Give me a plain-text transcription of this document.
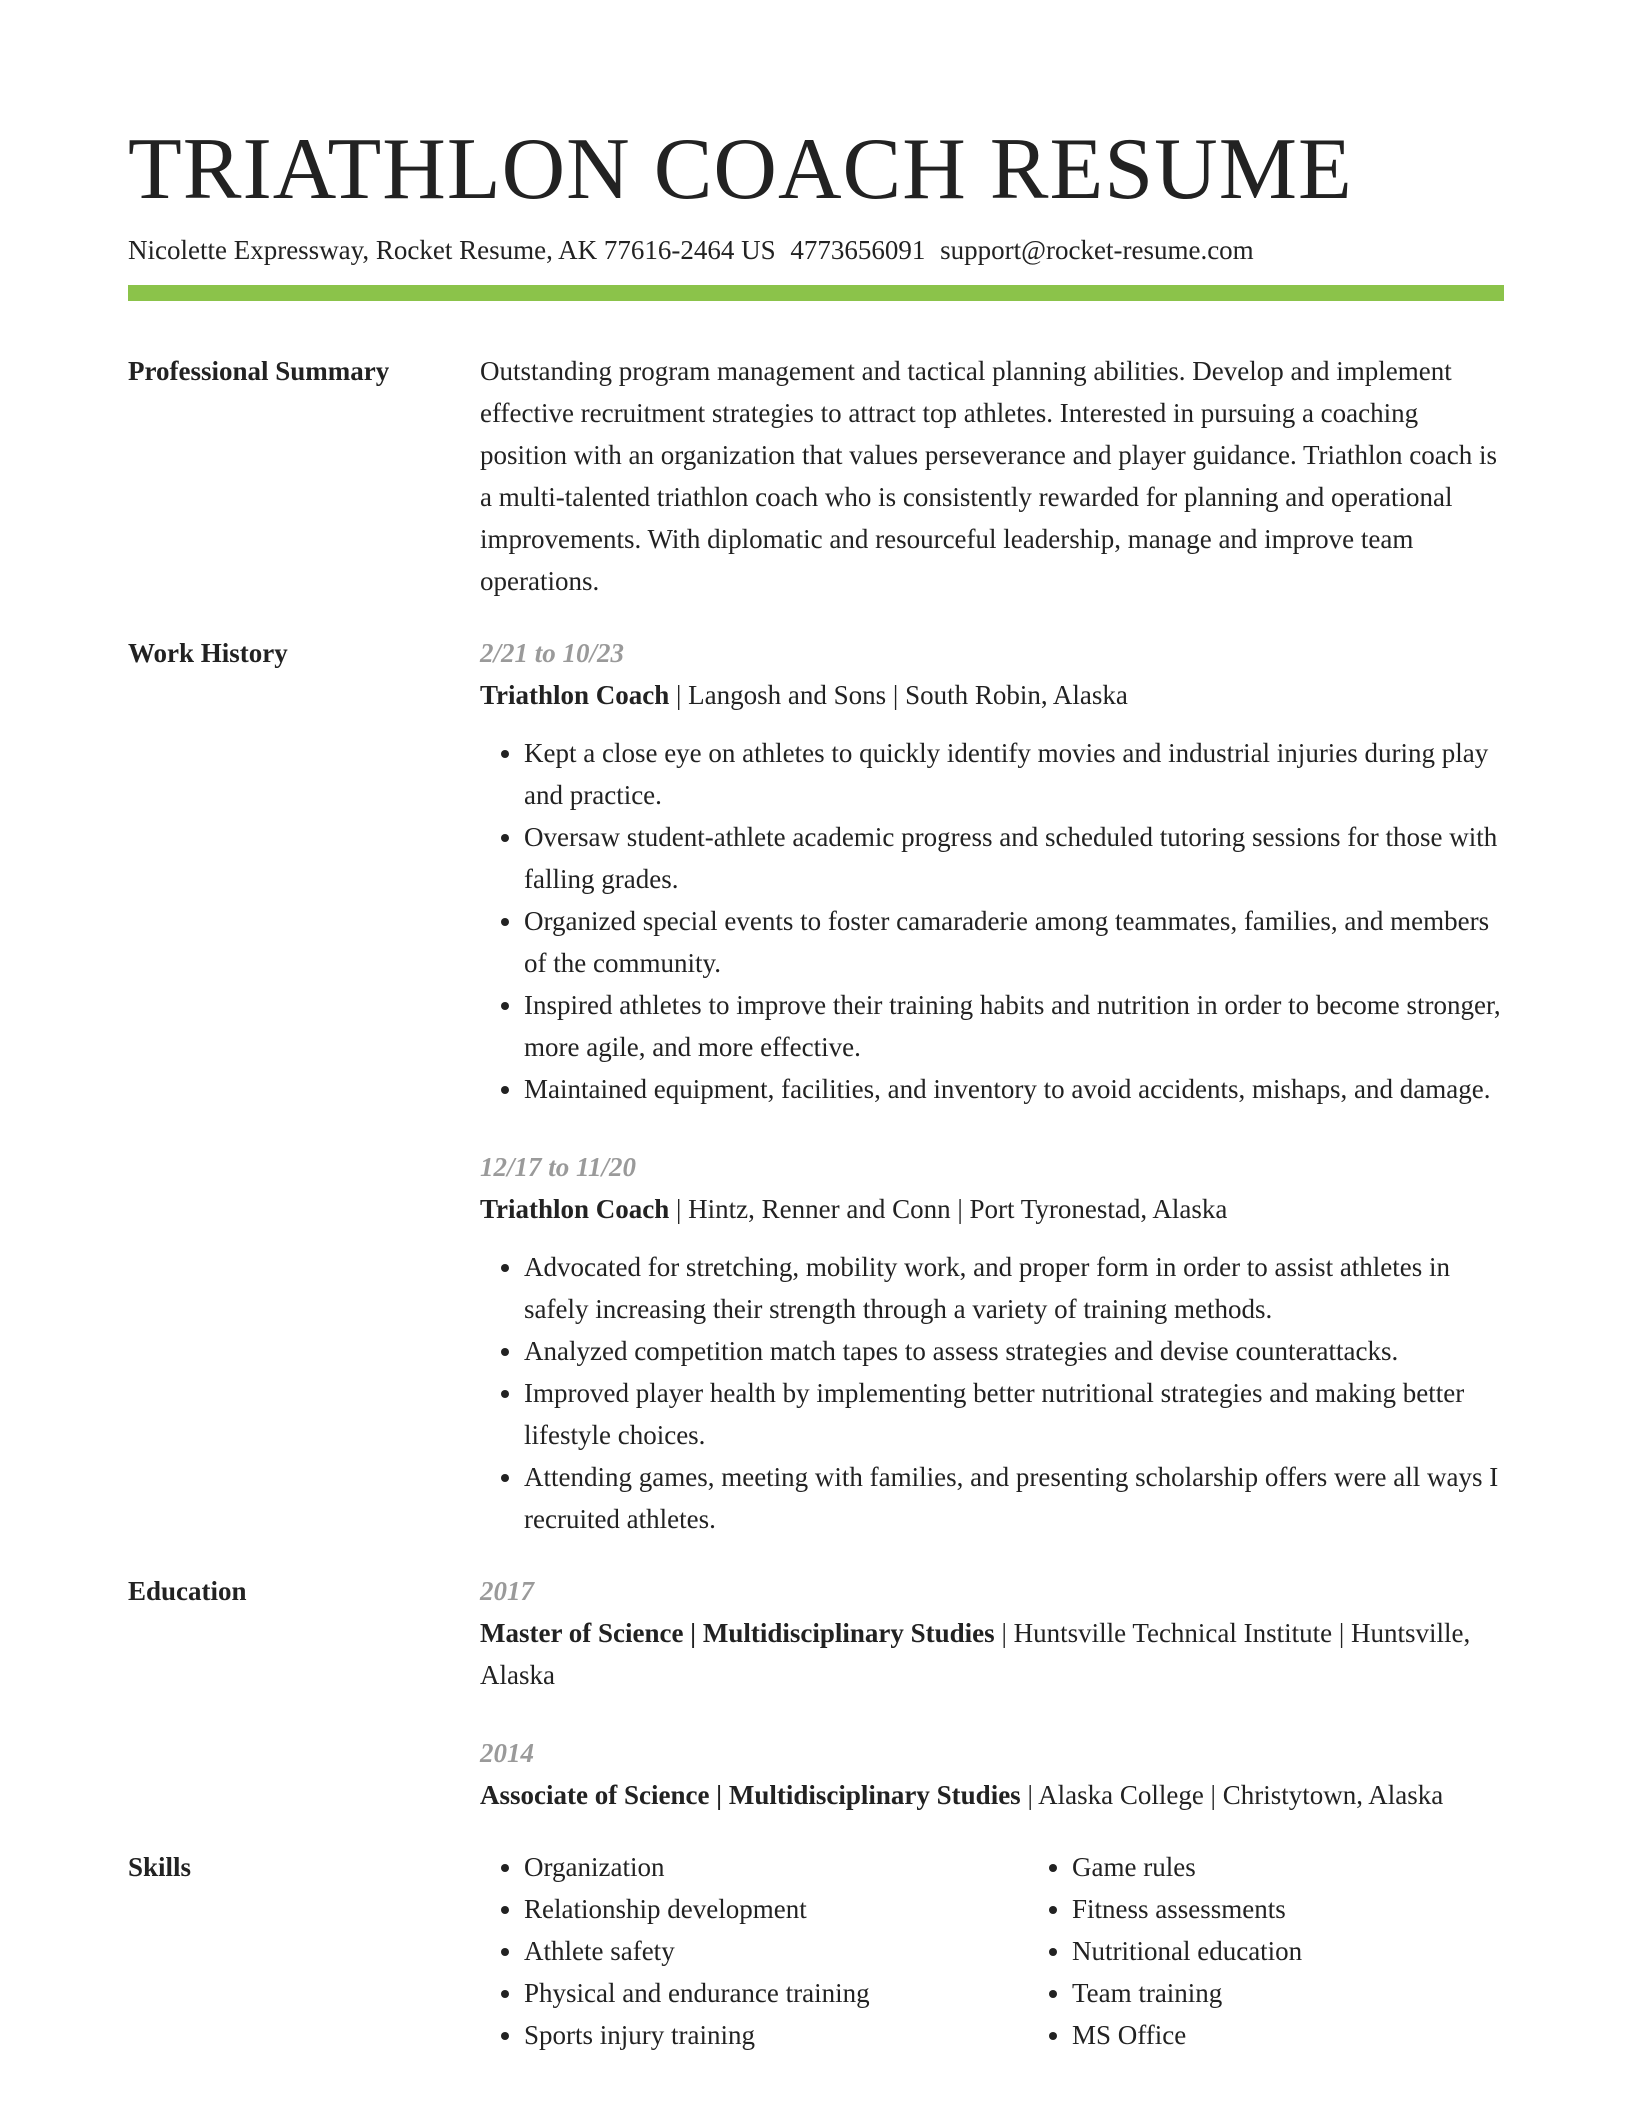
TRIATHLON COACH RESUME
Nicolette Expressway, Rocket Resume, AK 77616-2464 US 4773656091 support@rocket-resume.com
Professional Summary	Outstanding program management and tactical planning abilities. Develop and implement effective recruitment strategies to attract top athletes. Interested in pursuing a coaching position with an organization that values perseverance and player guidance. Triathlon coach is a multi-talented triathlon coach who is consistently rewarded for planning and operational improvements. With diplomatic and resourceful leadership, manage and improve team operations.

Work History	2/21 to 10/23
Triathlon Coach | Langosh and Sons | South Robin, Alaska
• Kept a close eye on athletes to quickly identify movies and industrial injuries during play and practice.
• Oversaw student-athlete academic progress and scheduled tutoring sessions for those with falling grades.
• Organized special events to foster camaraderie among teammates, families, and members of the community.
• Inspired athletes to improve their training habits and nutrition in order to become stronger, more agile, and more effective.
• Maintained equipment, facilities, and inventory to avoid accidents, mishaps, and damage.
12/17 to 11/20
Triathlon Coach | Hintz, Renner and Conn | Port Tyronestad, Alaska
• Advocated for stretching, mobility work, and proper form in order to assist athletes in safely increasing their strength through a variety of training methods.
• Analyzed competition match tapes to assess strategies and devise counterattacks.
• Improved player health by implementing better nutritional strategies and making better lifestyle choices.
• Attending games, meeting with families, and presenting scholarship offers were all ways I recruited athletes.
Education	2017
Master of Science | Multidisciplinary Studies | Huntsville Technical Institute | Huntsville, Alaska
2014
Associate of Science | Multidisciplinary Studies | Alaska College | Christytown, Alaska
Skills
•	Organization
• Relationship development
• Athlete safety
• Physical and endurance training
• Sports injury training
• Game rules
• Fitness assessments
• Nutritional education
• Team training
• MS Office
